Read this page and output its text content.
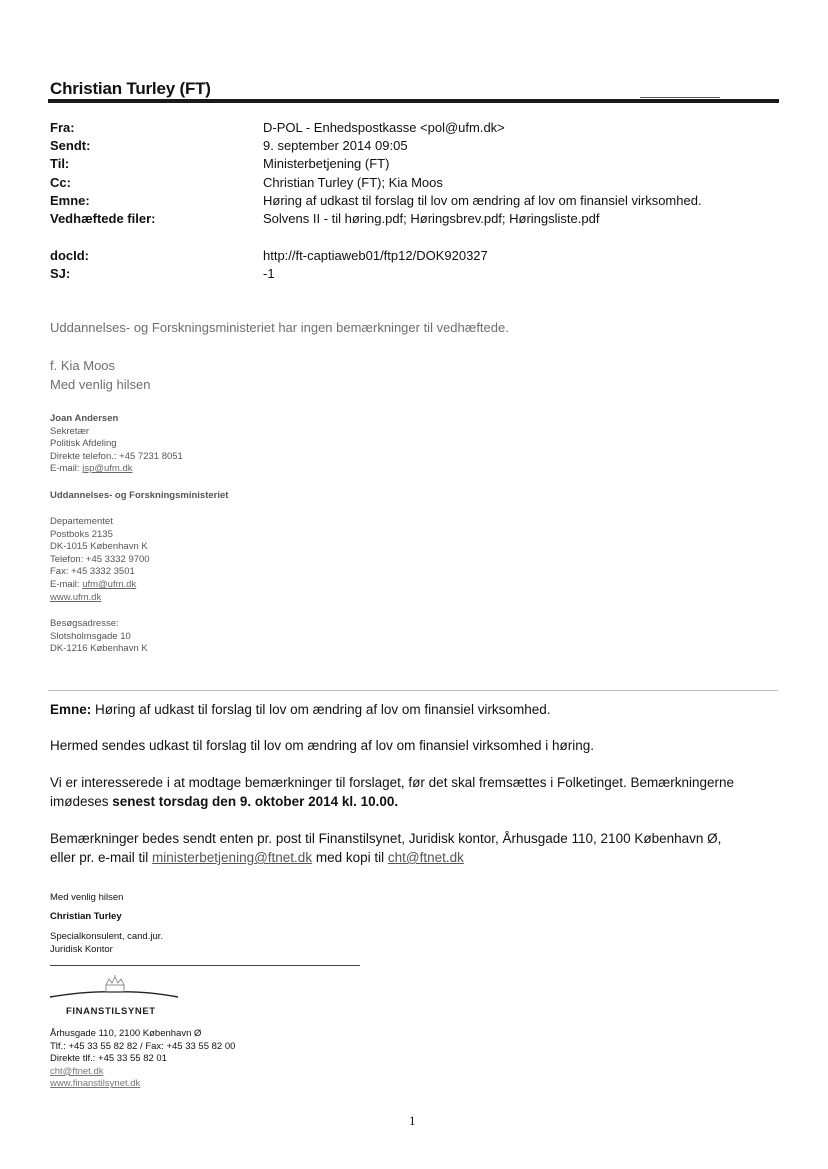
Christian Turley (FT)
Fra:	D-POL - Enhedspostkasse <pol@ufm.dk>
Sendt:	9. september 2014 09:05
Til:	Ministerbetjening (FT)
Cc:	Christian Turley (FT); Kia Moos
Emne:	Høring af udkast til forslag til lov om ændring af lov om finansiel virksomhed.
Vedhæftede filer:	Solvens II - til høring.pdf; Høringsbrev.pdf; Høringsliste.pdf
docId:	http://ft-captiaweb01/ftp12/DOK920327
SJ:	-1
Uddannelses- og Forskningsministeriet har ingen bemærkninger til vedhæftede.
f. Kia Moos
Med venlig hilsen
Joan Andersen
Sekretær
Politisk Afdeling
Direkte telefon.: +45 7231 8051
E-mail: jsp@ufm.dk
Uddannelses- og Forskningsministeriet
Departementet
Postboks 2135
DK-1015 København K
Telefon: +45 3332 9700
Fax: +45 3332 3501
E-mail: ufm@ufm.dk
www.ufm.dk
Besøgsadresse:
Slotsholmsgade 10
DK-1216 København K
Emne: Høring af udkast til forslag til lov om ændring af lov om finansiel virksomhed.
Hermed sendes udkast til forslag til lov om ændring af lov om finansiel virksomhed i høring.
Vi er interesserede i at modtage bemærkninger til forslaget, før det skal fremsættes i Folketinget. Bemærkningerne
imødeses senest torsdag den 9. oktober 2014 kl. 10.00.
Bemærkninger bedes sendt enten pr. post til Finanstilsynet, Juridisk kontor, Århusgade 110, 2100 København Ø,
eller pr. e-mail til ministerbetjening@ftnet.dk med kopi til cht@ftnet.dk
Med venlig hilsen
Christian Turley
Specialkonsulent, cand.jur.
Juridisk Kontor
FINANSTILSYNET
Århusgade 110, 2100 København Ø
Tlf.: +45 33 55 82 82 / Fax: +45 33 55 82 00
Direkte tlf.: +45 33 55 82 01
cht@ftnet.dk
www.finanstilsynet.dk
1
